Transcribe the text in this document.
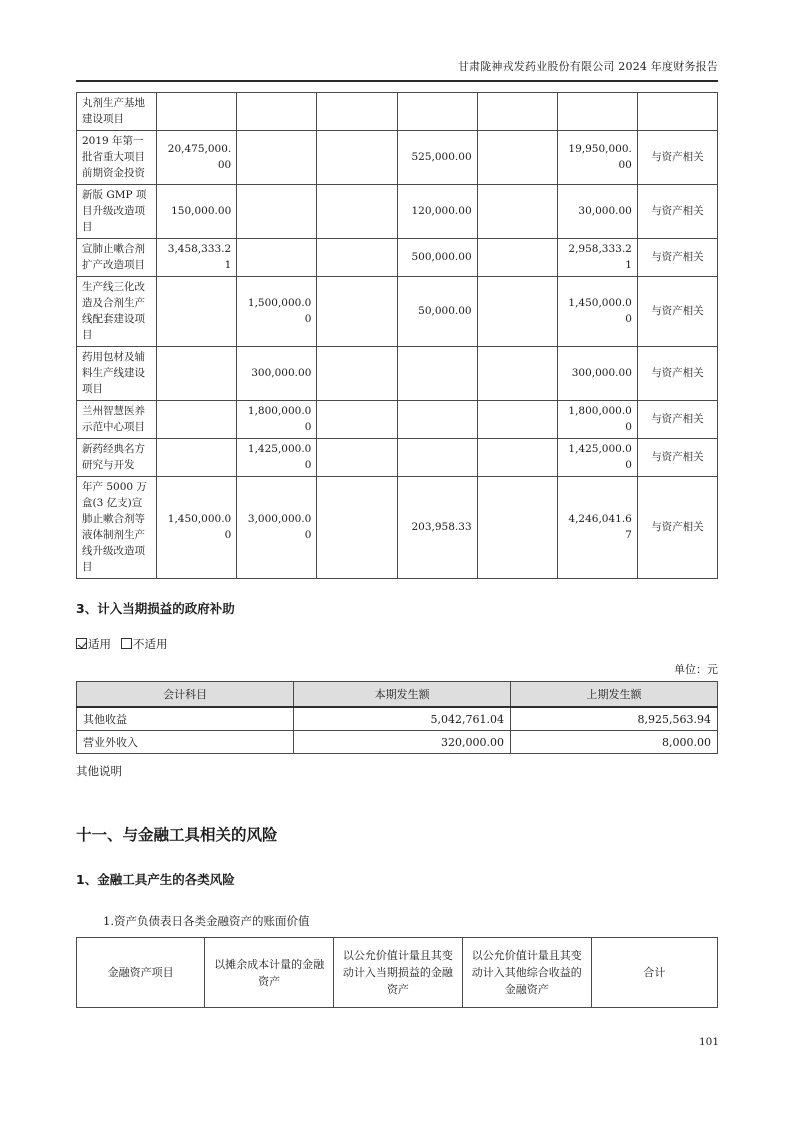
甘肃陇神戎发药业股份有限公司 2024 年度财务报告
丸剂生产基地建设项目							
2019 年第一批省重大项目前期资金投资	20,475,000.00			525,000.00		19,950,000.00	与资产相关
新版 GMP 项目升级改造项目	150,000.00			120,000.00		30,000.00	与资产相关
宣肺止嗽合剂扩产改造项目	3,458,333.21			500,000.00		2,958,333.21	与资产相关
生产线三化改造及合剂生产线配套建设项目		1,500,000.00		50,000.00		1,450,000.00	与资产相关
药用包材及辅料生产线建设项目		300,000.00				300,000.00	与资产相关
兰州智慧医养示范中心项目		1,800,000.00				1,800,000.00	与资产相关
新药经典名方研究与开发		1,425,000.00				1,425,000.00	与资产相关
年产 5000 万盒(3 亿支)宣肺止嗽合剂等液体制剂生产线升级改造项目	1,450,000.00	3,000,000.00		203,958.33		4,246,041.67	与资产相关
3、计入当期损益的政府补助
适用 不适用
单位：元
会计科目	本期发生额	上期发生额
其他收益	5,042,761.04	8,925,563.94
营业外收入	320,000.00	8,000.00
其他说明
十一、与金融工具相关的风险
1、金融工具产生的各类风险
1.资产负债表日各类金融资产的账面价值
金融资产项目	以摊余成本计量的金融资产	以公允价值计量且其变动计入当期损益的金融资产	以公允价值计量且其变动计入其他综合收益的金融资产	合计
101
